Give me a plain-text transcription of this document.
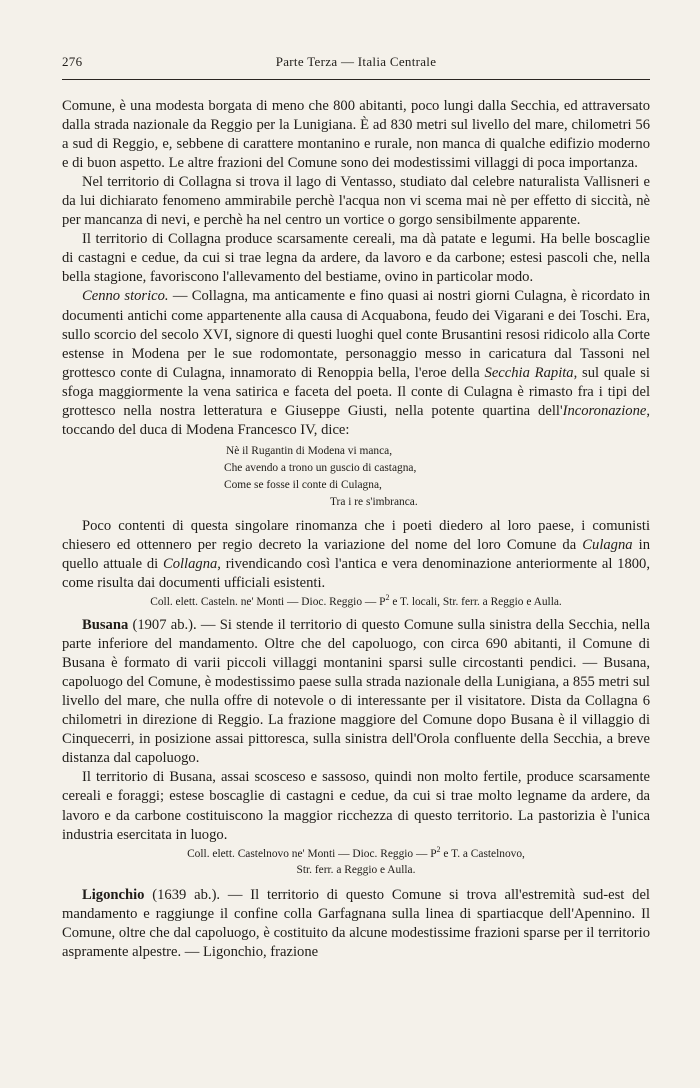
276	Parte Terza — Italia Centrale

Comune, è una modesta borgata di meno che 800 abitanti, poco lungi dalla Secchia, ed attraversato dalla strada nazionale da Reggio per la Lunigiana. È ad 830 metri sul livello del mare, chilometri 56 a sud di Reggio, e, sebbene di carattere montanino e rurale, non manca di qualche edifizio moderno e di buon aspetto. Le altre frazioni del Comune sono dei modestissimi villaggi di poca importanza.

Nel territorio di Collagna si trova il lago di Ventasso, studiato dal celebre naturalista Vallisneri e da lui dichiarato fenomeno ammirabile perchè l'acqua non vi scema mai nè per effetto di siccità, nè per mancanza di nevi, e perchè ha nel centro un vortice o gorgo sensibilmente apparente.

Il territorio di Collagna produce scarsamente cereali, ma dà patate e legumi. Ha belle boscaglie di castagni e cedue, da cui si trae legna da ardere, da lavoro e da carbone; estesi pascoli che, nella bella stagione, favoriscono l'allevamento del bestiame, ovino in particolar modo.

Cenno storico. — Collagna, ma anticamente e fino quasi ai nostri giorni Culagna, è ricordato in documenti antichi come appartenente alla causa di Acquabona, feudo dei Vigarani e dei Toschi. Era, sullo scorcio del secolo XVI, signore di questi luoghi quel conte Brusantini resosi ridicolo alla Corte estense in Modena per le sue rodomontate, personaggio messo in caricatura dal Tassoni nel grottesco conte di Culagna, innamorato di Renoppia bella, l'eroe della Secchia Rapita, sul quale si sfoga maggiormente la vena satirica e faceta del poeta. Il conte di Culagna è rimasto fra i tipi del grottesco nella nostra letteratura e Giuseppe Giusti, nella potente quartina dell'Incoronazione, toccando del duca di Modena Francesco IV, dice:

Nè il Rugantin di Modena vi manca,
Che avendo a trono un guscio di castagna,
Come se fosse il conte di Culagna,
Tra i re s'imbranca.

Poco contenti di questa singolare rinomanza che i poeti diedero al loro paese, i comunisti chiesero ed ottennero per regio decreto la variazione del nome del loro Comune da Culagna in quello attuale di Collagna, rivendicando così l'antica e vera denominazione anteriormente al 1800, come risulta dai documenti ufficiali esistenti.

Coll. elett. Casteln. ne' Monti — Dioc. Reggio — $P^2$ e T. locali, Str. ferr. a Reggio e Aulla.

Busana (1907 ab.). — Si stende il territorio di questo Comune sulla sinistra della Secchia, nella parte inferiore del mandamento. Oltre che del capoluogo, con circa 690 abitanti, il Comune di Busana è formato di varii piccoli villaggi montanini sparsi sulle circostanti pendici. — Busana, capoluogo del Comune, è modestissimo paese sulla strada nazionale della Lunigiana, a 855 metri sul livello del mare, che nulla offre di notevole o di interessante per il visitatore. Dista da Collagna 6 chilometri in direzione di Reggio. La frazione maggiore del Comune dopo Busana è il villaggio di Cinquecerri, in posizione assai pittoresca, sulla sinistra dell'Orola confluente della Secchia, a breve distanza dal capoluogo.

Il territorio di Busana, assai scosceso e sassoso, quindi non molto fertile, produce scarsamente cereali e foraggi; estese boscaglie di castagni e cedue, da cui si trae molto legname da ardere, da lavoro e da carbone costituiscono la maggior ricchezza di questo territorio. La pastorizia è l'unica industria esercitata in luogo.

Coll. elett. Castelnovo ne' Monti — Dioc. Reggio — $P^2$ e T. a Castelnovo,
Str. ferr. a Reggio e Aulla.

Ligonchio (1639 ab.). — Il territorio di questo Comune si trova all'estremità sud-est del mandamento e raggiunge il confine colla Garfagnana sulla linea di spartiacque dell'Apennino. Il Comune, oltre che dal capoluogo, è costituito da alcune modestissime frazioni sparse per il territorio aspramente alpestre. — Ligonchio, frazione
